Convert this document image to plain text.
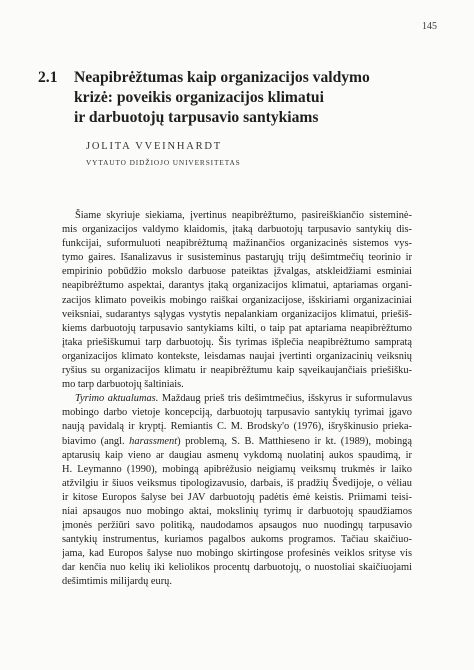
145
2.1	Neapibrėžtumas kaip organizacijos valdymo
krizė: poveikis organizacijos klimatui
ir darbuotojų tarpusavio santykiams
JOLITA VVEINHARDT
VYTAUTO DIDŽIOJO UNIVERSITETAS

Šiame skyriuje siekiama, įvertinus neapibrėžtumo, pasireiškiančio sisteminė-
mis organizacijos valdymo klaidomis, įtaką darbuotojų tarpusavio santykių dis-
funkcijai, suformuluoti neapibrėžtumą mažinančios organizacinės sistemos vys-
tymo gaires. Išanalizavus ir susisteminus pastarųjų trijų dešimtmečių teorinio ir
empirinio pobūdžio mokslo darbuose pateiktas įžvalgas, atskleidžiami esminiai
neapibrėžtumo aspektai, darantys įtaką organizacijos klimatui, aptariamas organi-
zacijos klimato poveikis mobingo raiškai organizacijose, išskiriami organizaciniai
veiksniai, sudarantys sąlygas vystytis nepalankiam organizacijos klimatui, priešiš-
kiems darbuotojų tarpusavio santykiams kilti, o taip pat aptariama neapibrėžtumo
įtaka priešiškumui tarp darbuotojų. Šis tyrimas išplečia neapibrėžtumo sampratą
organizacijos klimato kontekste, leisdamas naujai įvertinti organizacinių veiksnių
ryšius su organizacijos klimatu ir neapibrėžtumu kaip sąveikaujančiais priešišku-
mo tarp darbuotojų šaltiniais.

Tyrimo aktualumas. Maždaug prieš tris dešimtmečius, išskyrus ir suformulavus
mobingo darbo vietoje koncepciją, darbuotojų tarpusavio santykių tyrimai įgavo
naują pavidalą ir kryptį. Remiantis C. M. Brodsky'o (1976), išryškinusio prieka-
biavimo (angl. harassment) problemą, S. B. Matthieseno ir kt. (1989), mobingą
aptarusių kaip vieno ar daugiau asmenų vykdomą nuolatinį aukos spaudimą, ir
H. Leymanno (1990), mobingą apibrėžusio neigiamų veiksmų trukmės ir laiko
atžvilgiu ir šiuos veiksmus tipologizavusio, darbais, iš pradžių Švedijoje, o vėliau
ir kitose Europos šalyse bei JAV darbuotojų padėtis ėmė keistis. Priimami teisi-
niai apsaugos nuo mobingo aktai, mokslinių tyrimų ir darbuotojų spaudžiamos
įmonės peržiūri savo politiką, naudodamos apsaugos nuo nuodingų tarpusavio
santykių instrumentus, kuriamos pagalbos aukoms programos. Tačiau skaičiuo-
jama, kad Europos šalyse nuo mobingo skirtingose profesinės veiklos srityse vis
dar kenčia nuo kelių iki keliolikos procentų darbuotojų, o nuostoliai skaičiuojami
dešimtimis milijardų eurų.
